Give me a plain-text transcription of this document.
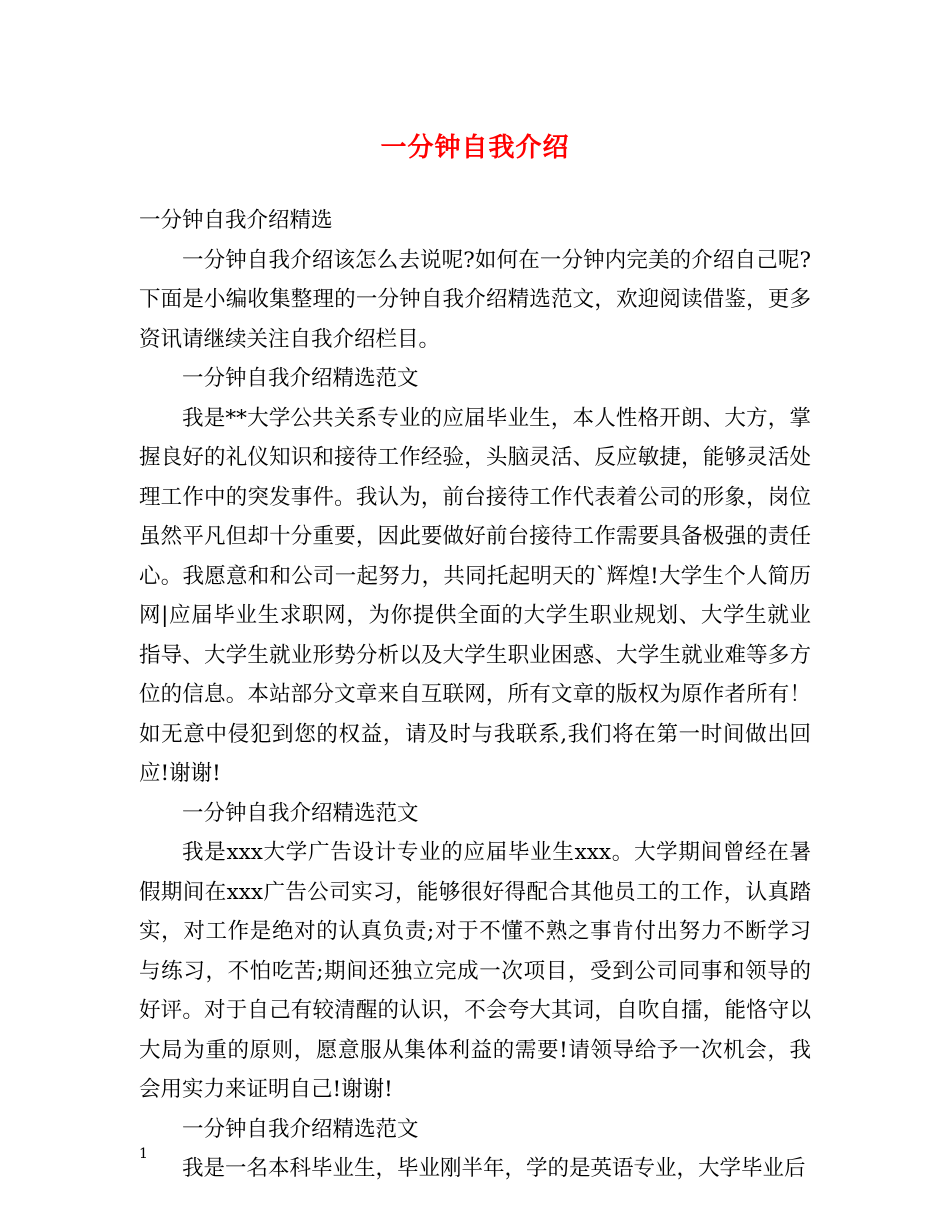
一分钟自我介绍

一分钟自我介绍精选

一分钟自我介绍该怎么去说呢?如何在一分钟内完美的介绍自己呢?下面是小编收集整理的一分钟自我介绍精选范文，欢迎阅读借鉴，更多资讯请继续关注自我介绍栏目。

一分钟自我介绍精选范文

我是**大学公共关系专业的应届毕业生，本人性格开朗、大方，掌握良好的礼仪知识和接待工作经验，头脑灵活、反应敏捷，能够灵活处理工作中的突发事件。我认为，前台接待工作代表着公司的形象，岗位虽然平凡但却十分重要，因此要做好前台接待工作需要具备极强的责任心。我愿意和和公司一起努力，共同托起明天的`辉煌!大学生个人简历网|应届毕业生求职网，为你提供全面的大学生职业规划、大学生就业指导、大学生就业形势分析以及大学生职业困惑、大学生就业难等多方位的信息。本站部分文章来自互联网，所有文章的版权为原作者所有！如无意中侵犯到您的权益，请及时与我联系,我们将在第一时间做出回应!谢谢!

一分钟自我介绍精选范文

我是xxx大学广告设计专业的应届毕业生xxx。大学期间曾经在暑假期间在xxx广告公司实习，能够很好得配合其他员工的工作，认真踏实，对工作是绝对的认真负责;对于不懂不熟之事肯付出努力不断学习与练习，不怕吃苦;期间还独立完成一次项目，受到公司同事和领导的好评。对于自己有较清醒的认识，不会夸大其词，自吹自擂，能恪守以大局为重的原则，愿意服从集体利益的需要!请领导给予一次机会，我会用实力来证明自己!谢谢!

一分钟自我介绍精选范文

我是一名本科毕业生，毕业刚半年，学的是英语专业，大学毕业后

1
